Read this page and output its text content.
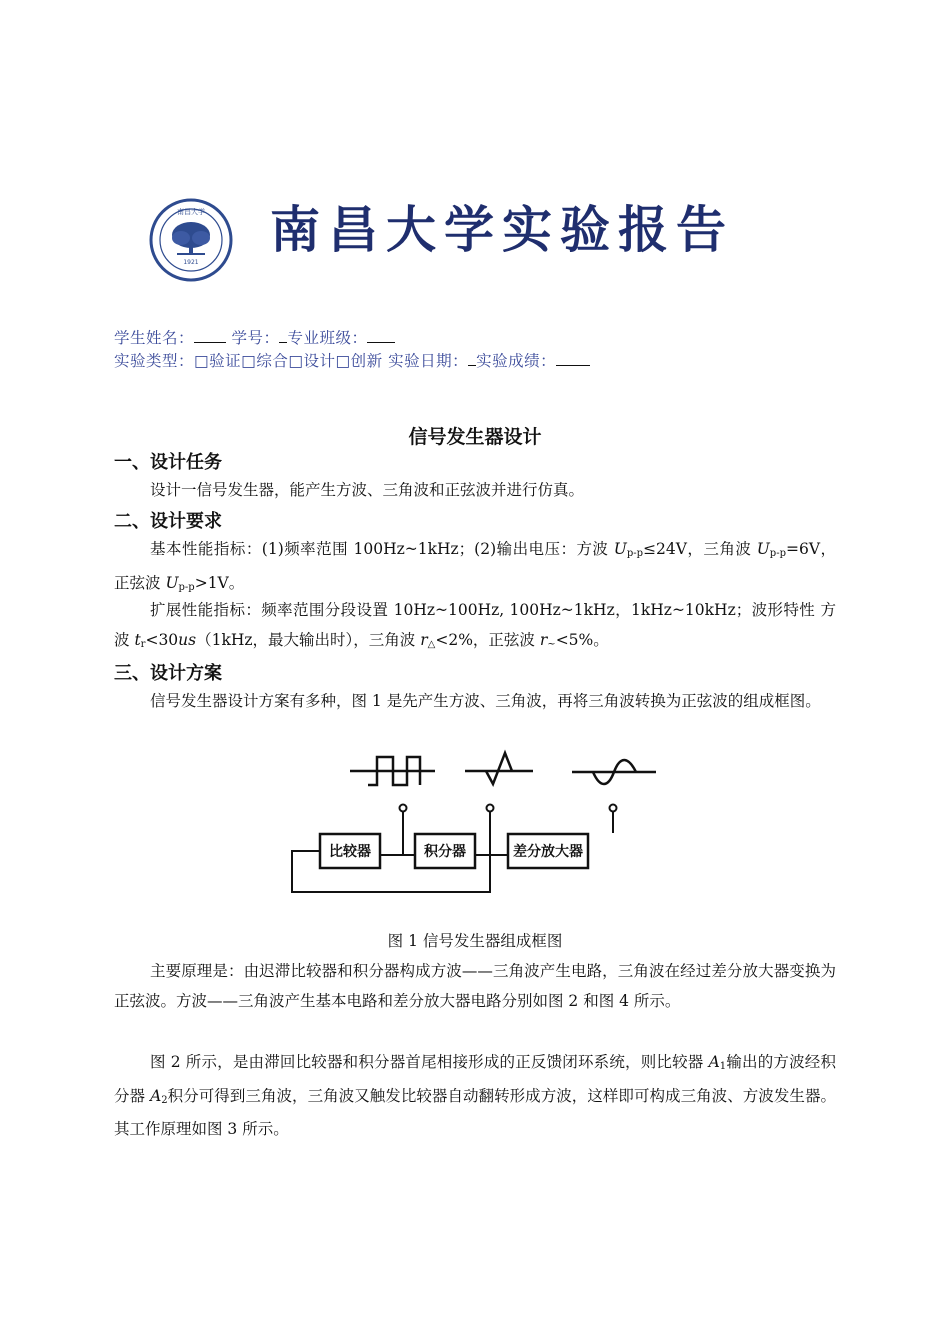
南昌大学
1921
南昌大学实验报告
学生姓名： 学号： 专业班级：
实验类型：□验证□综合□设计□创新 实验日期： 实验成绩：
信号发生器设计
一、设计任务
设计一信号发生器，能产生方波、三角波和正弦波并进行仿真。
二、设计要求
基本性能指标：(1)频率范围 100Hz~1kHz；(2)输出电压：方波 $U_{p-p}\le 24V$，三角波 $U_{p-p}=6V$，正弦波 $U_{p-p}>1V$。
扩展性能指标：频率范围分段设置 10Hz~100Hz, 100Hz~1kHz，1kHz~10kHz；波形特性 方波 $t_r<30us(1kHz$，最大输出时），三角波 $r_\triangle<2\%$，正弦波 $r_\sim<5\%$。
三、设计方案
信号发生器设计方案有多种，图 1 是先产生方波、三角波，再将三角波转换为正弦波的组成框图。
比较器	积分器	差分放大器
图 1 信号发生器组成框图
主要原理是：由迟滞比较器和积分器构成方波——三角波产生电路，三角波在经过差分放大器变换为正弦波。方波——三角波产生基本电路和差分放大器电路分别如图 2 和图 4 所示。
图 2 所示，是由滞回比较器和积分器首尾相接形成的正反馈闭环系统，则比较器 $A_1$输出的方波经积分器 $A_2$积分可得到三角波，三角波又触发比较器自动翻转形成方波，这样即可构成三角波、方波发生器。其工作原理如图 3 所示。
